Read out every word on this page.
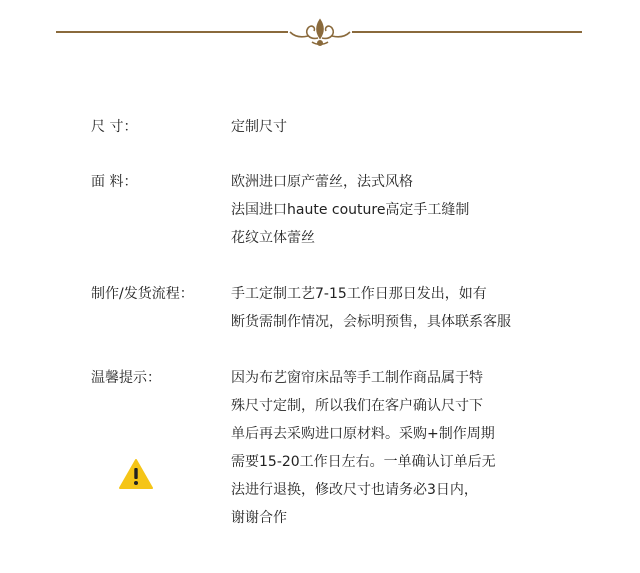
尺 寸：	定制尺寸
面 料：	欧洲进口原产蕾丝，法式风格
法国进口haute couture高定手工缝制
花纹立体蕾丝
制作/发货流程：	手工定制工艺7-15工作日那日发出，如有
断货需制作情况，会标明预售，具体联系客服
温馨提示：	因为布艺窗帘床品等手工制作商品属于特
殊尺寸定制，所以我们在客户确认尺寸下
单后再去采购进口原材料。采购+制作周期
需要15-20工作日左右。一单确认订单后无
法进行退换，修改尺寸也请务必3日内，
谢谢合作
